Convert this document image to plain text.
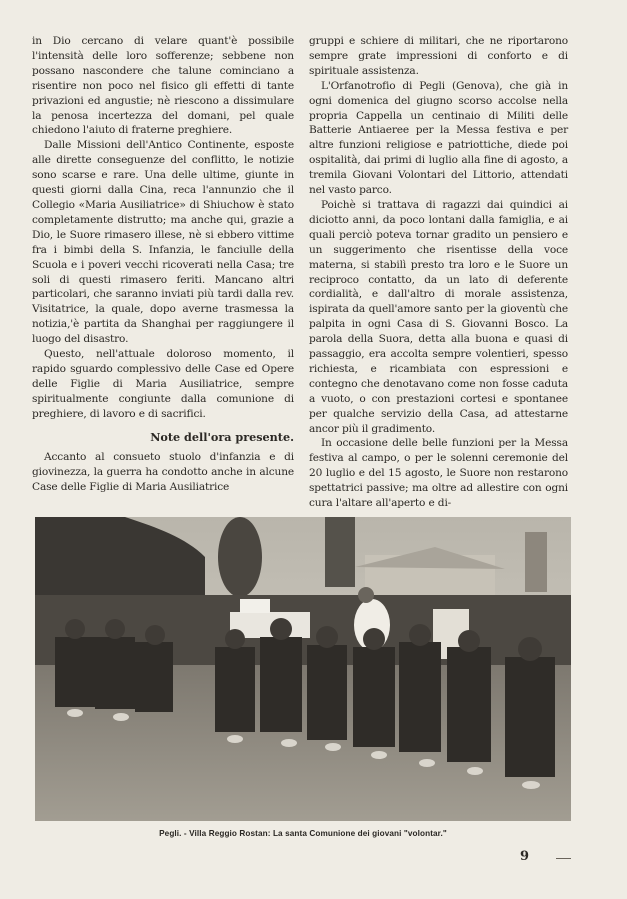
in Dio cercano di velare quant'è possibile l'intensità delle loro sofferenze; sebbene non possano nascondere che talune cominciano a risentire non poco nel fisico gli effetti di tante privazioni ed angustie; nè riescono a dissimulare la penosa incertezza del domani, pel quale chiedono l'aiuto di fraterne preghiere.

Dalle Missioni dell'Antico Continente, esposte alle dirette conseguenze del conflitto, le notizie sono scarse e rare. Una delle ultime, giunte in questi giorni dalla Cina, reca l'annunzio che il Collegio «Maria Ausiliatrice» di Shiuchow è stato completamente distrutto; ma anche qui, grazie a Dio, le Suore rimasero illese, nè si ebbero vittime fra i bimbi della S. Infanzia, le fanciulle della Scuola e i poveri vecchi ricoverati nella Casa; tre soli di questi rimasero feriti. Mancano altri particolari, che saranno inviati più tardi dalla rev. Visitatrice, la quale, dopo averne trasmessa la notizia,'è partita da Shanghai per raggiungere il luogo del disastro.

Questo, nell'attuale doloroso momento, il rapido sguardo complessivo delle Case ed Opere delle Figlie di Maria Ausiliatrice, sempre spiritualmente congiunte dalla comunione di preghiere, di lavoro e di sacrifici.

Note dell'ora presente.

Accanto al consueto stuolo d'infanzia e di giovinezza, la guerra ha condotto anche in alcune Case delle Figlie di Maria Ausiliatrice

gruppi e schiere di militari, che ne riportarono sempre grate impressioni di conforto e di spirituale assistenza.

L'Orfanotrofio di Pegli (Genova), che già in ogni domenica del giugno scorso accolse nella propria Cappella un centinaio di Militi delle Batterie Antiaeree per la Messa festiva e per altre funzioni religiose e patriottiche, diede poi ospitalità, dai primi di luglio alla fine di agosto, a tremila Giovani Volontari del Littorio, attendati nel vasto parco.

Poichè si trattava di ragazzi dai quindici ai diciotto anni, da poco lontani dalla famiglia, e ai quali perciò poteva tornar gradito un pensiero e un suggerimento che risentisse della voce materna, si stabilì presto tra loro e le Suore un reciproco contatto, da un lato di deferente cordialità, e dall'altro di morale assistenza, ispirata da quell'amore santo per la gioventù che palpita in ogni Casa di S. Giovanni Bosco. La parola della Suora, detta alla buona e quasi di passaggio, era accolta sempre volentieri, spesso richiesta, e ricambiata con espressioni e contegno che denotavano come non fosse caduta a vuoto, o con prestazioni cortesi e spontanee per qualche servizio della Casa, ad attestarne ancor più il gradimento.

In occasione delle belle funzioni per la Messa festiva al campo, o per le solenni ceremonie del 20 luglio e del 15 agosto, le Suore non restarono spettatrici passive; ma oltre ad allestire con ogni cura l'altare all'aperto e di-

Pegli. - Villa Reggio Rostan: La santa Comunione dei giovani "volontar."
9
